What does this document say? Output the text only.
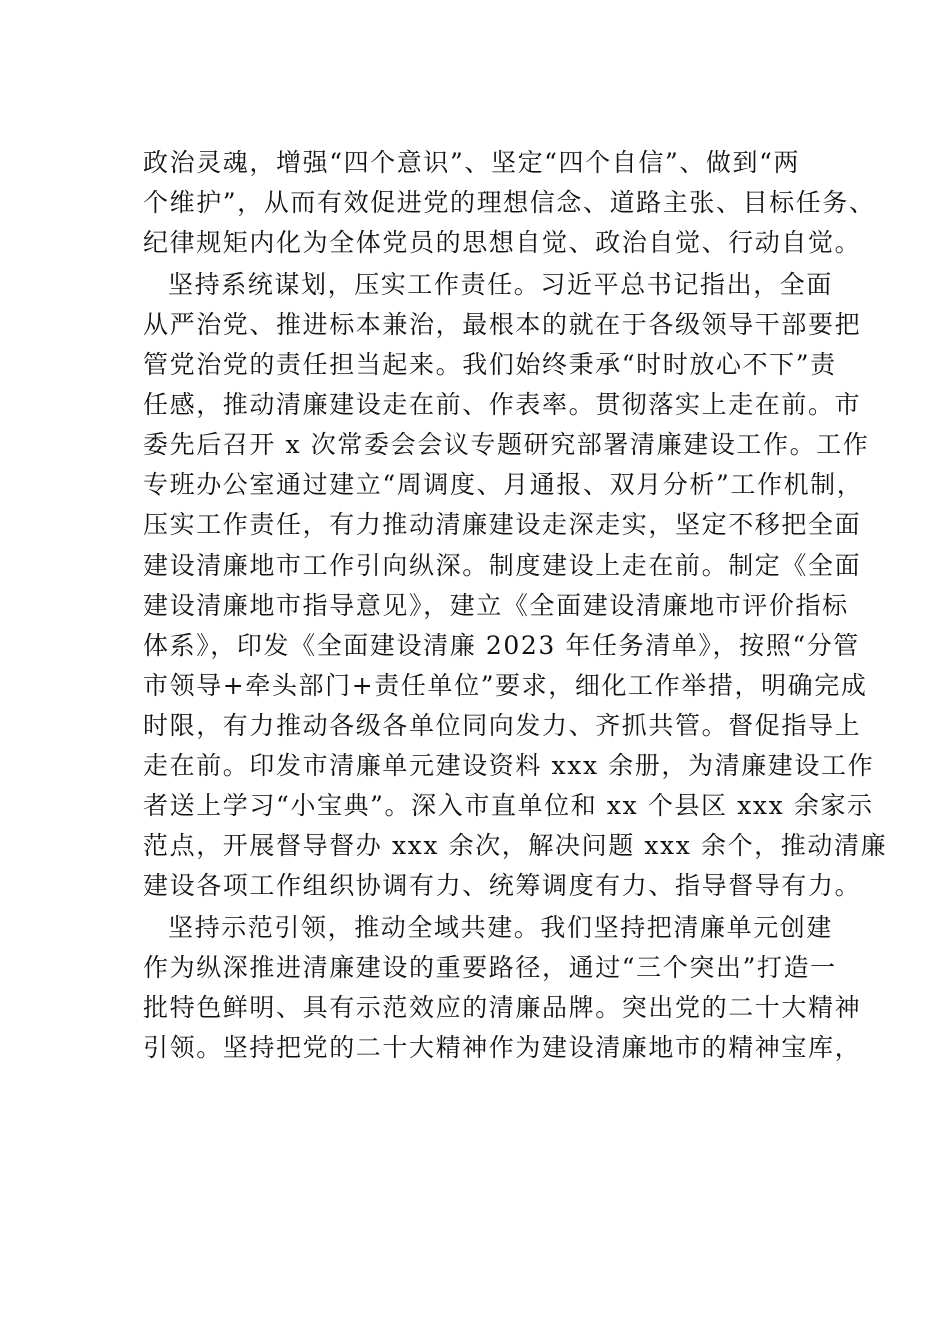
政治灵魂，增强“四个意识”、坚定“四个自信”、做到“两
个维护”，从而有效促进党的理想信念、道路主张、目标任务、
纪律规矩内化为全体党员的思想自觉、政治自觉、行动自觉。
坚持系统谋划，压实工作责任。习近平总书记指出，全面
从严治党、推进标本兼治，最根本的就在于各级领导干部要把
管党治党的责任担当起来。我们始终秉承“时时放心不下”责
任感，推动清廉建设走在前、作表率。贯彻落实上走在前。市
委先后召开 x 次常委会会议专题研究部署清廉建设工作。工作
专班办公室通过建立“周调度、月通报、双月分析”工作机制，
压实工作责任，有力推动清廉建设走深走实，坚定不移把全面
建设清廉地市工作引向纵深。制度建设上走在前。制定《全面
建设清廉地市指导意见》，建立《全面建设清廉地市评价指标
体系》，印发《全面建设清廉 2023 年任务清单》，按照“分管
市领导+牵头部门+责任单位”要求，细化工作举措，明确完成
时限，有力推动各级各单位同向发力、齐抓共管。督促指导上
走在前。印发市清廉单元建设资料 xxx 余册，为清廉建设工作
者送上学习“小宝典”。深入市直单位和 xx 个县区 xxx 余家示
范点，开展督导督办 xxx 余次，解决问题 xxx 余个，推动清廉
建设各项工作组织协调有力、统筹调度有力、指导督导有力。
坚持示范引领，推动全域共建。我们坚持把清廉单元创建
作为纵深推进清廉建设的重要路径，通过“三个突出”打造一
批特色鲜明、具有示范效应的清廉品牌。突出党的二十大精神
引领。坚持把党的二十大精神作为建设清廉地市的精神宝库，
